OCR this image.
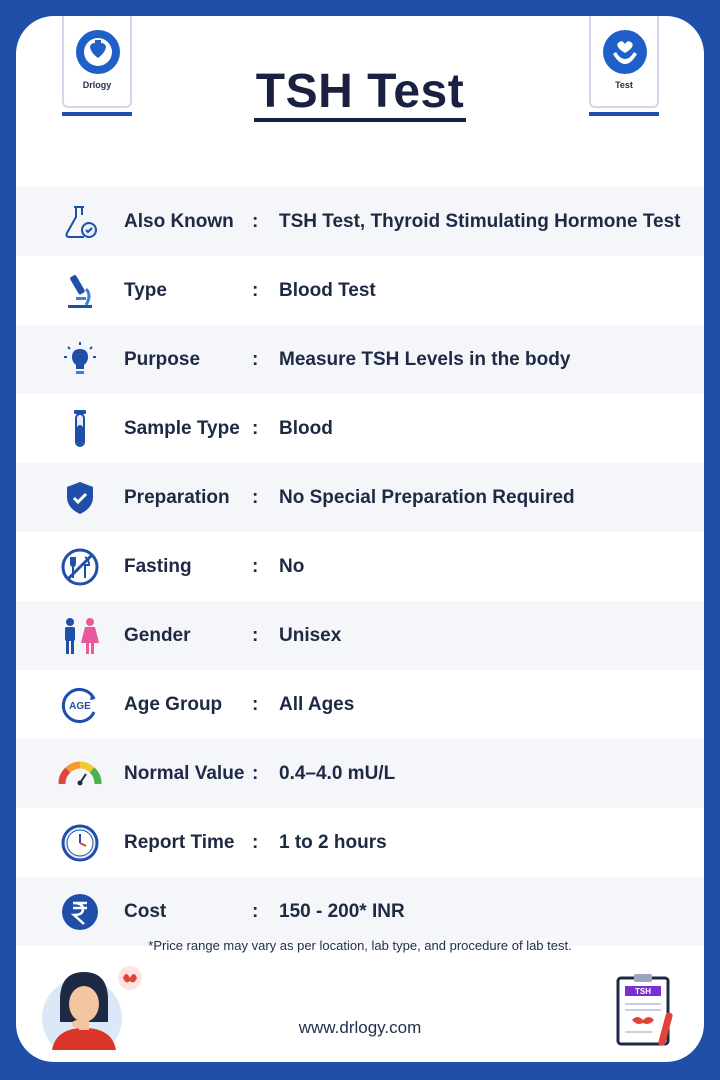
Drlogy	Test
TSH Test
Also Known : TSH Test, Thyroid Stimulating Hormone Test
Type	: Blood Test
Purpose	: Measure TSH Levels in the body
Sample Type : Blood
Preparation : No Special Preparation Required
Fasting	: No
Gender	: Unisex
AGE Age Group : All Ages
Normal Value : 0.4–4.0 mU/L
Report Time : 1 to 2 hours
Cost	: 150 - 200* INR
*Price range may vary as per location, lab type, and procedure of lab test.
www.drlogy.com
TSH
